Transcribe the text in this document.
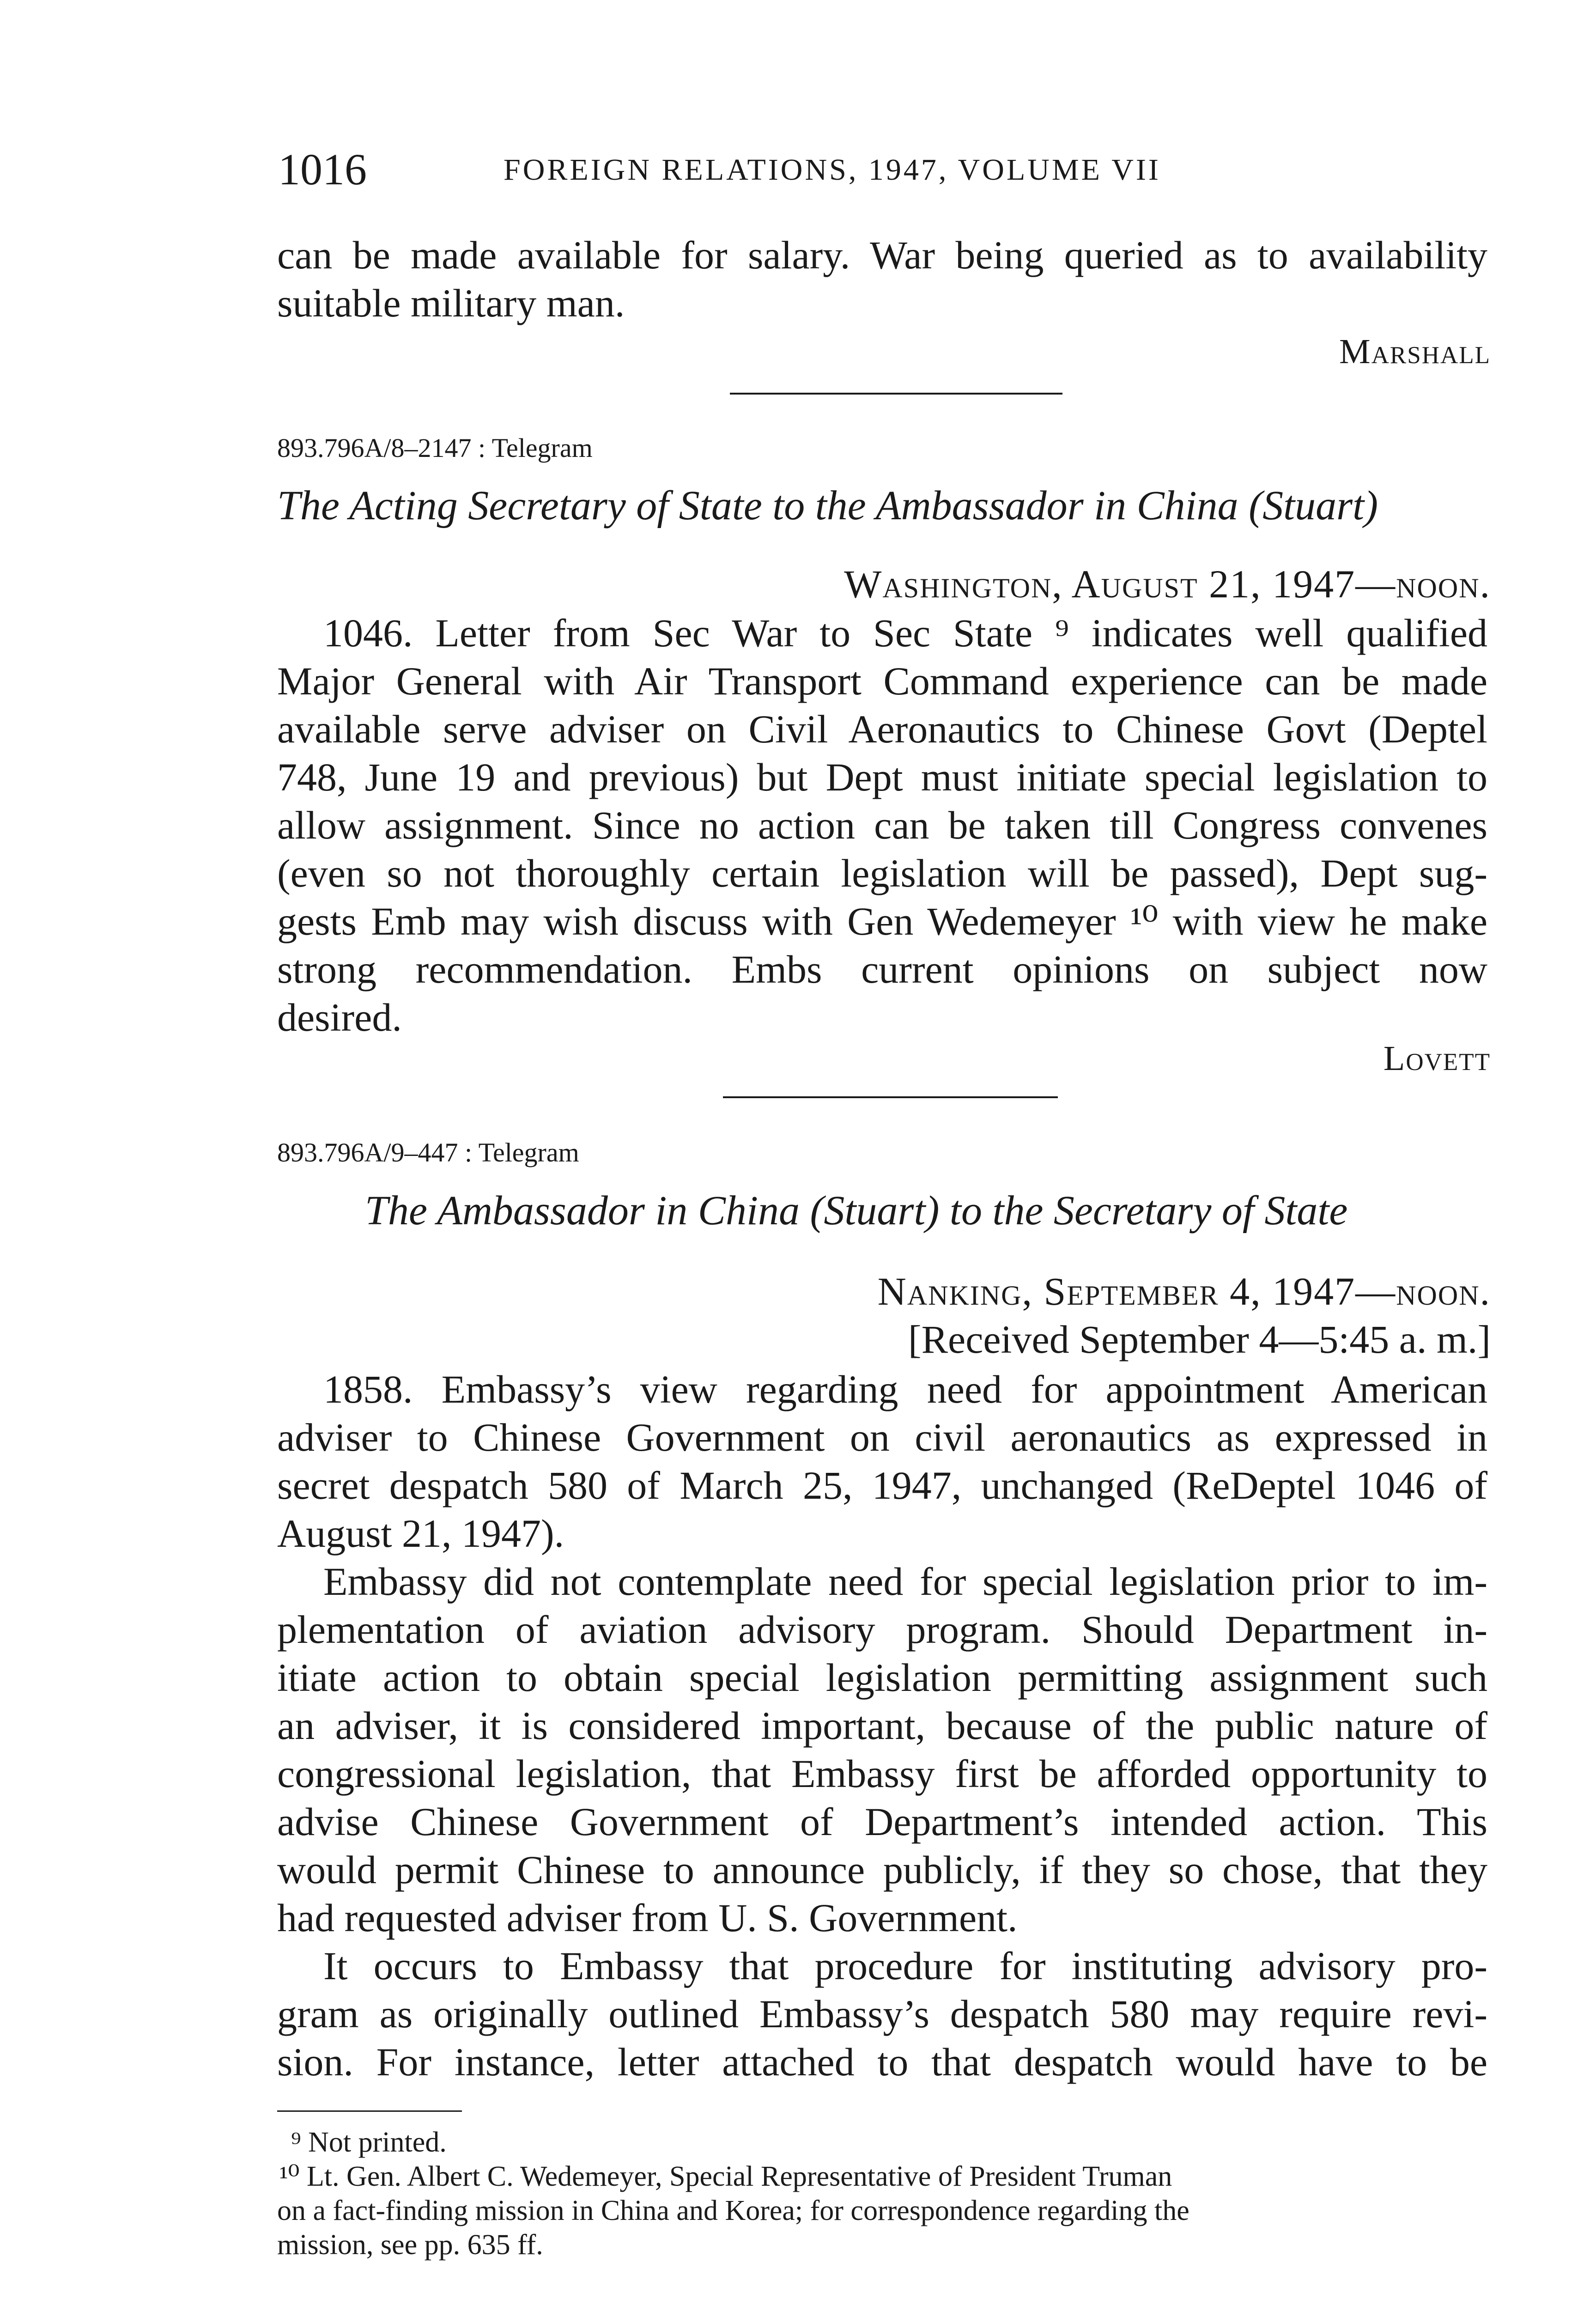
1016	FOREIGN RELATIONS, 1947, VOLUME VII
can be made available for salary. War being queried as to availability
suitable military man.
Marshall
893.796A/8–2147 : Telegram
The Acting Secretary of State to the Ambassador in China (Stuart)
Washington, August 21, 1947—noon.
1046. Letter from Sec War to Sec State ⁹ indicates well qualified
Major General with Air Transport Command experience can be made
available serve adviser on Civil Aeronautics to Chinese Govt (Deptel
748, June 19 and previous) but Dept must initiate special legislation to
allow assignment. Since no action can be taken till Congress convenes
(even so not thoroughly certain legislation will be passed), Dept sug-
gests Emb may wish discuss with Gen Wedemeyer ¹⁰ with view he make
strong recommendation. Embs current opinions on subject now
desired.
Lovett
893.796A/9–447 : Telegram
The Ambassador in China (Stuart) to the Secretary of State
Nanking, September 4, 1947—noon.
[Received September 4—5:45 a. m.]
1858. Embassy’s view regarding need for appointment American
adviser to Chinese Government on civil aeronautics as expressed in
secret despatch 580 of March 25, 1947, unchanged (ReDeptel 1046 of
August 21, 1947).
Embassy did not contemplate need for special legislation prior to im-
plementation of aviation advisory program. Should Department in-
itiate action to obtain special legislation permitting assignment such
an adviser, it is considered important, because of the public nature of
congressional legislation, that Embassy first be afforded opportunity to
advise Chinese Government of Department’s intended action. This
would permit Chinese to announce publicly, if they so chose, that they
had requested adviser from U. S. Government.
It occurs to Embassy that procedure for instituting advisory pro-
gram as originally outlined Embassy’s despatch 580 may require revi-
sion. For instance, letter attached to that despatch would have to be
⁹ Not printed.
¹⁰ Lt. Gen. Albert C. Wedemeyer, Special Representative of President Truman
on a fact-finding mission in China and Korea; for correspondence regarding the
mission, see pp. 635 ff.
